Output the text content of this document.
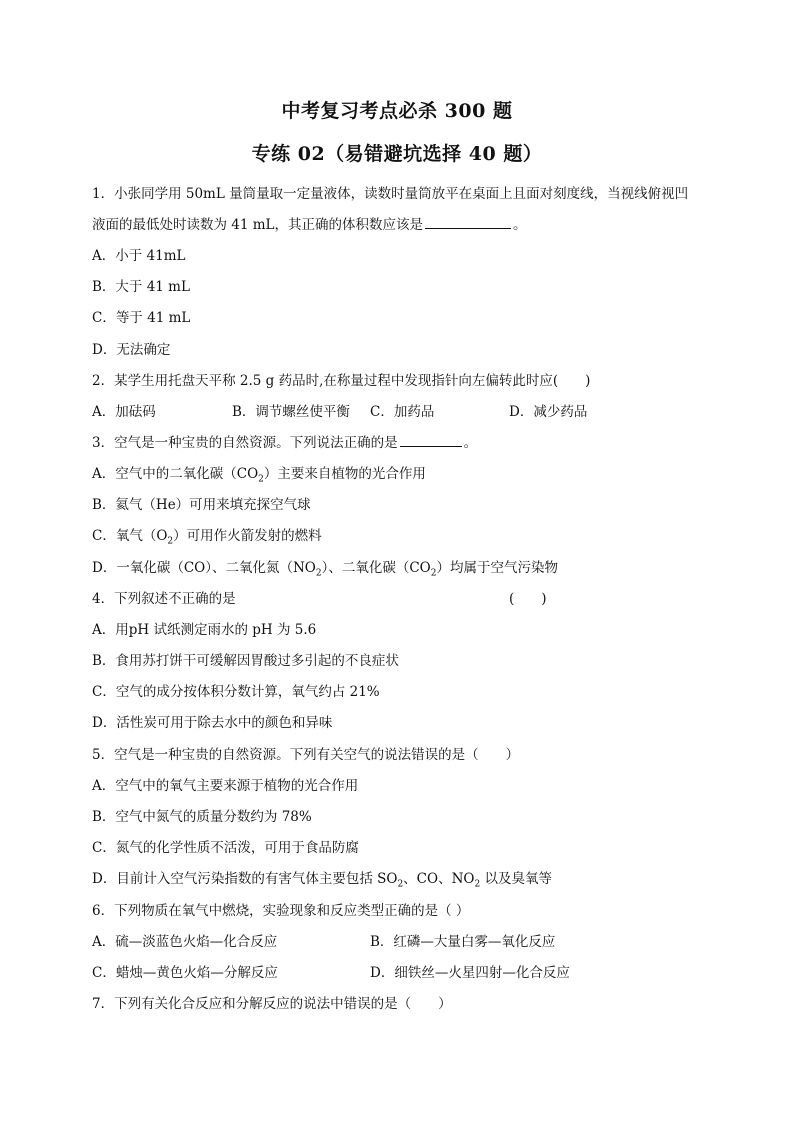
中考复习考点必杀 300 题
专练 02（易错避坑选择 40 题）
1．小张同学用 50mL 量筒量取一定量液体，读数时量筒放平在桌面上且面对刻度线，当视线俯视凹
液面的最低处时读数为 41 mL，其正确的体积数应该是	。
A．小于 41mL
B．大于 41 mL
C．等于 41 mL
D．无法确定
2．某学生用托盘天平称 2.5 g 药品时,在称量过程中发现指针向左偏转此时应(　　)
A．加砝码	B．调节螺丝使平衡 C．加药品	D．减少药品
3．空气是一种宝贵的自然资源。下列说法正确的是	。
A．空气中的二氧化碳$(CO_2)$主要来自植物的光合作用
B．氦气（He）可用来填充探空气球
C．氧气$(O_2)$可用作火箭发射的燃料
D．一氧化碳（CO）、二氧化氮$(NO_2)$、二氧化碳$(CO_2)$均属于空气污染物
4．下列叙述不正确的是	(　　)
A．用pH 试纸测定雨水的 pH 为 5.6
B．食用苏打饼干可缓解因胃酸过多引起的不良症状
C．空气的成分按体积分数计算，氧气约占 21%
D．活性炭可用于除去水中的颜色和异味
5．空气是一种宝贵的自然资源。下列有关空气的说法错误的是（　　）
A．空气中的氧气主要来源于植物的光合作用
B．空气中氮气的质量分数约为 78%
C．氮气的化学性质不活泼，可用于食品防腐
D．目前计入空气污染指数的有害气体主要包括 $SO_2$、CO、$NO_2$ 以及臭氧等
6．下列物质在氧气中燃烧，实验现象和反应类型正确的是（ ）
A．硫—淡蓝色火焰—化合反应	B．红磷—大量白雾—氧化反应
C．蜡烛—黄色火焰—分解反应	D．细铁丝—火星四射—化合反应
7．下列有关化合反应和分解反应的说法中错误的是（　　）
